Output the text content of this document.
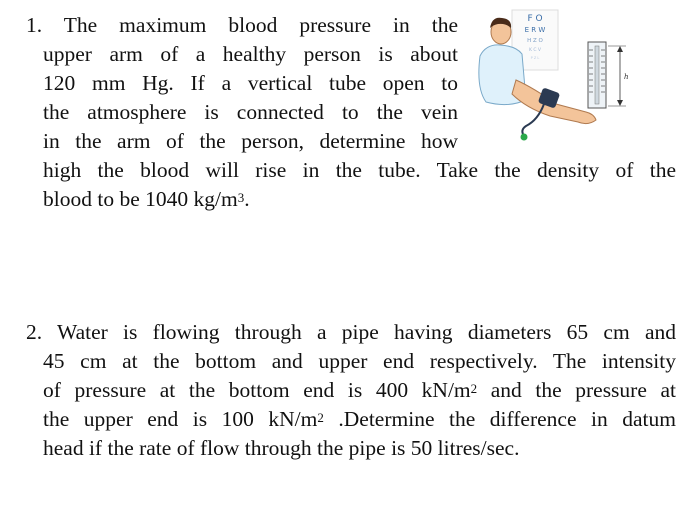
1. The maximum blood pressure in the
upper arm of a healthy person is about
120 mm Hg. If a vertical tube open to
the atmosphere is connected to the vein
in the arm of the person, determine how
high the blood will rise in the tube. Take the density of the
blood to be 1040 $kg/m^3$.
F O
E R W
H Z O
K C V
P Z L
h
2. Water is flowing through a pipe having diameters 65 cm and
45 cm at the bottom and upper end respectively. The intensity
of pressure at the bottom end is 400 $kN/m^2$ and the pressure at
the upper end is 100 $kN/m^2$ .Determine the difference in datum
head if the rate of flow through the pipe is 50 litres/sec.
